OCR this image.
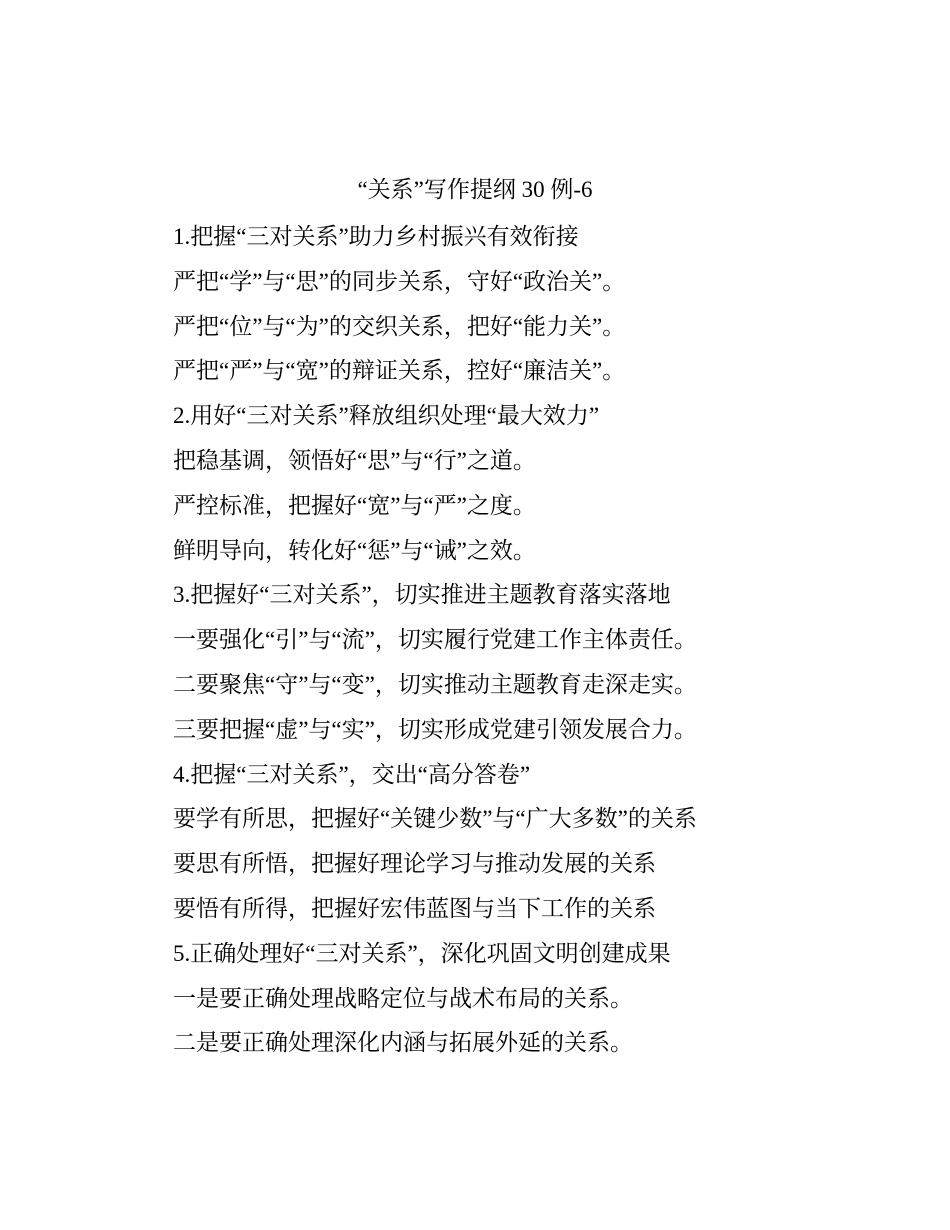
“关系”写作提纲 30 例-6
1.把握“三对关系”助力乡村振兴有效衔接
严把“学”与“思”的同步关系，守好“政治关”。
严把“位”与“为”的交织关系，把好“能力关”。
严把“严”与“宽”的辩证关系，控好“廉洁关”。
2.用好“三对关系”释放组织处理“最大效力”
把稳基调，领悟好“思”与“行”之道。
严控标准，把握好“宽”与“严”之度。
鲜明导向，转化好“惩”与“诫”之效。
3.把握好“三对关系”，切实推进主题教育落实落地
一要强化“引”与“流”，切实履行党建工作主体责任。
二要聚焦“守”与“变”，切实推动主题教育走深走实。
三要把握“虚”与“实”，切实形成党建引领发展合力。
4.把握“三对关系”，交出“高分答卷”
要学有所思，把握好“关键少数”与“广大多数”的关系
要思有所悟，把握好理论学习与推动发展的关系
要悟有所得，把握好宏伟蓝图与当下工作的关系
5.正确处理好“三对关系”，深化巩固文明创建成果
一是要正确处理战略定位与战术布局的关系。
二是要正确处理深化内涵与拓展外延的关系。
